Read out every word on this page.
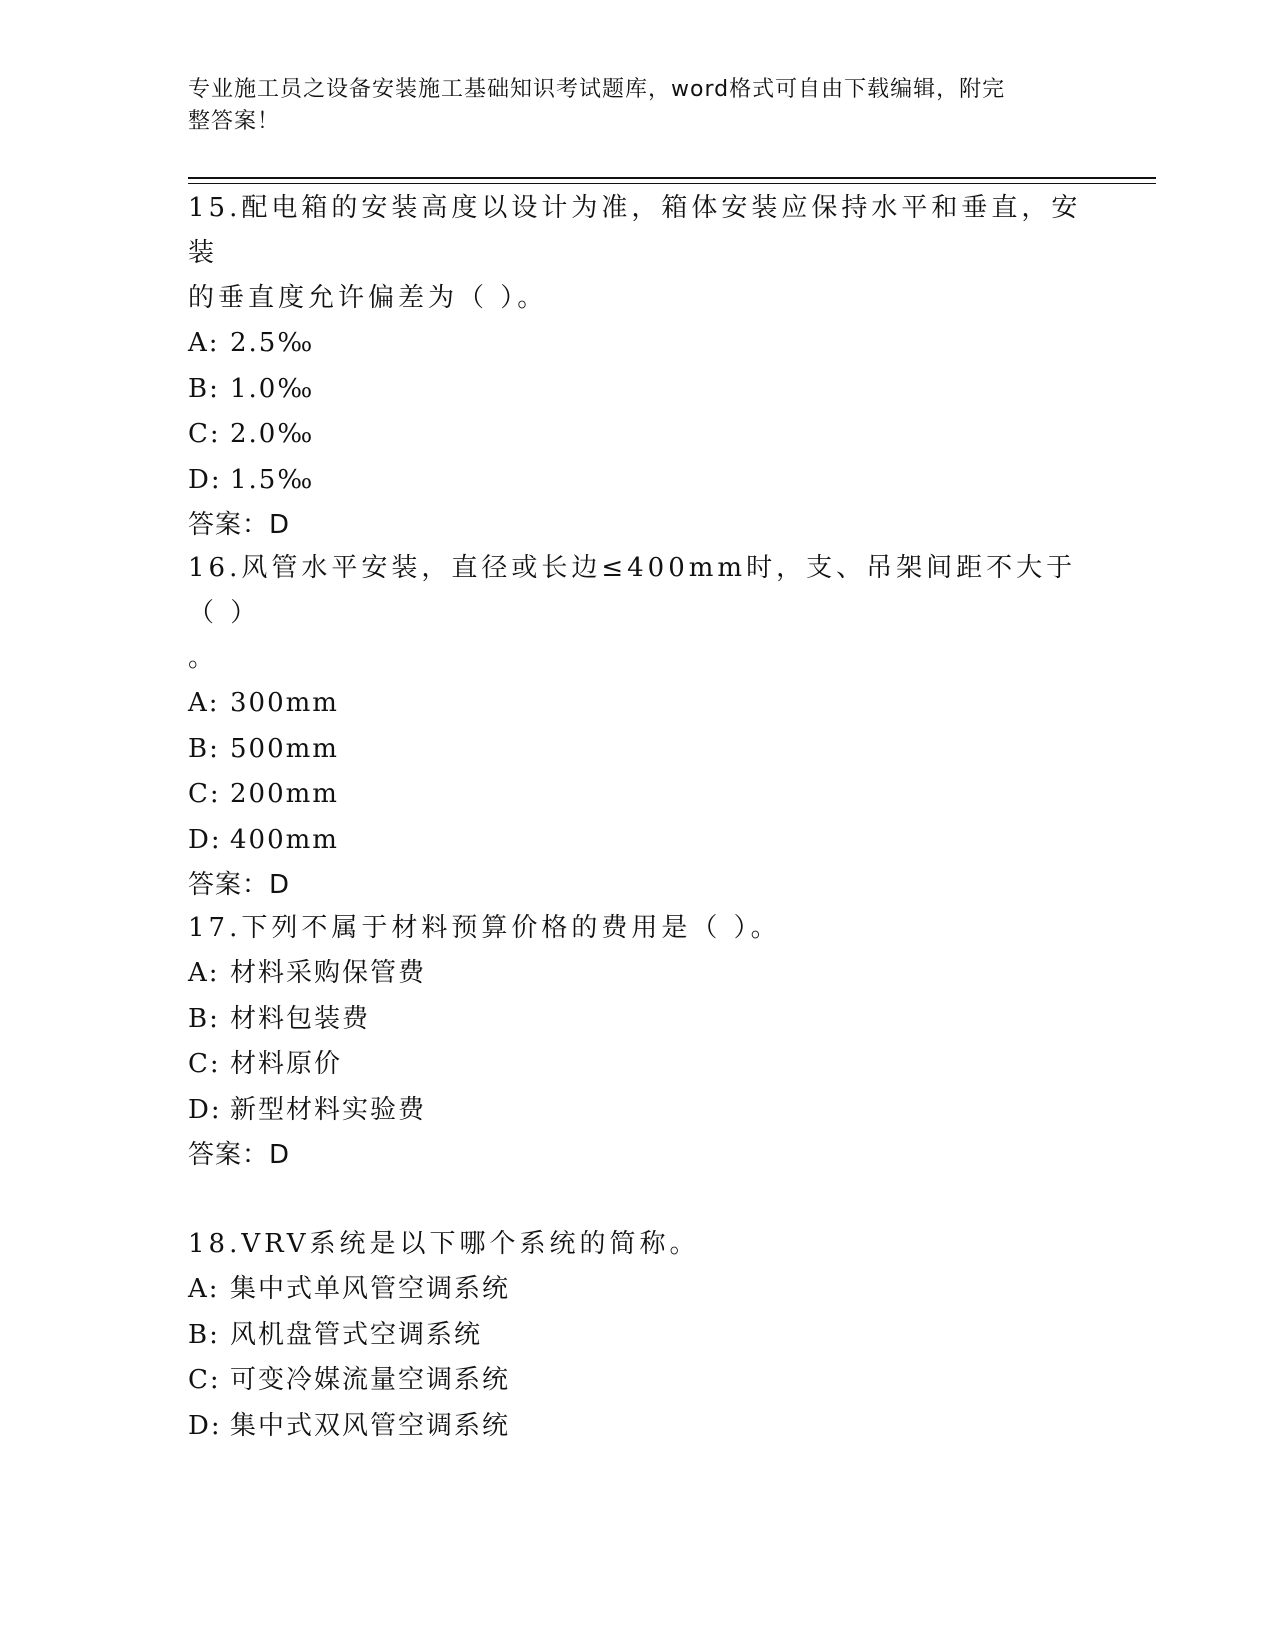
专业施工员之设备安装施工基础知识考试题库，word格式可自由下载编辑，附完
整答案！

15.配电箱的安装高度以设计为准，箱体安装应保持水平和垂直，安装

的垂直度允许偏差为（ ）。

A: 2.5‰

B: 1.0‰

C: 2.0‰

D: 1.5‰

答案：D

16.风管水平安装，直径或长边≤400mm时，支、吊架间距不大于（ ）

。

A: 300mm

B: 500mm

C: 200mm

D: 400mm

答案：D

17.下列不属于材料预算价格的费用是（ ）。

A: 材料采购保管费

B: 材料包装费

C: 材料原价

D: 新型材料实验费

答案：D

18.VRV系统是以下哪个系统的简称。

A: 集中式单风管空调系统

B: 风机盘管式空调系统

C: 可变冷媒流量空调系统

D: 集中式双风管空调系统
